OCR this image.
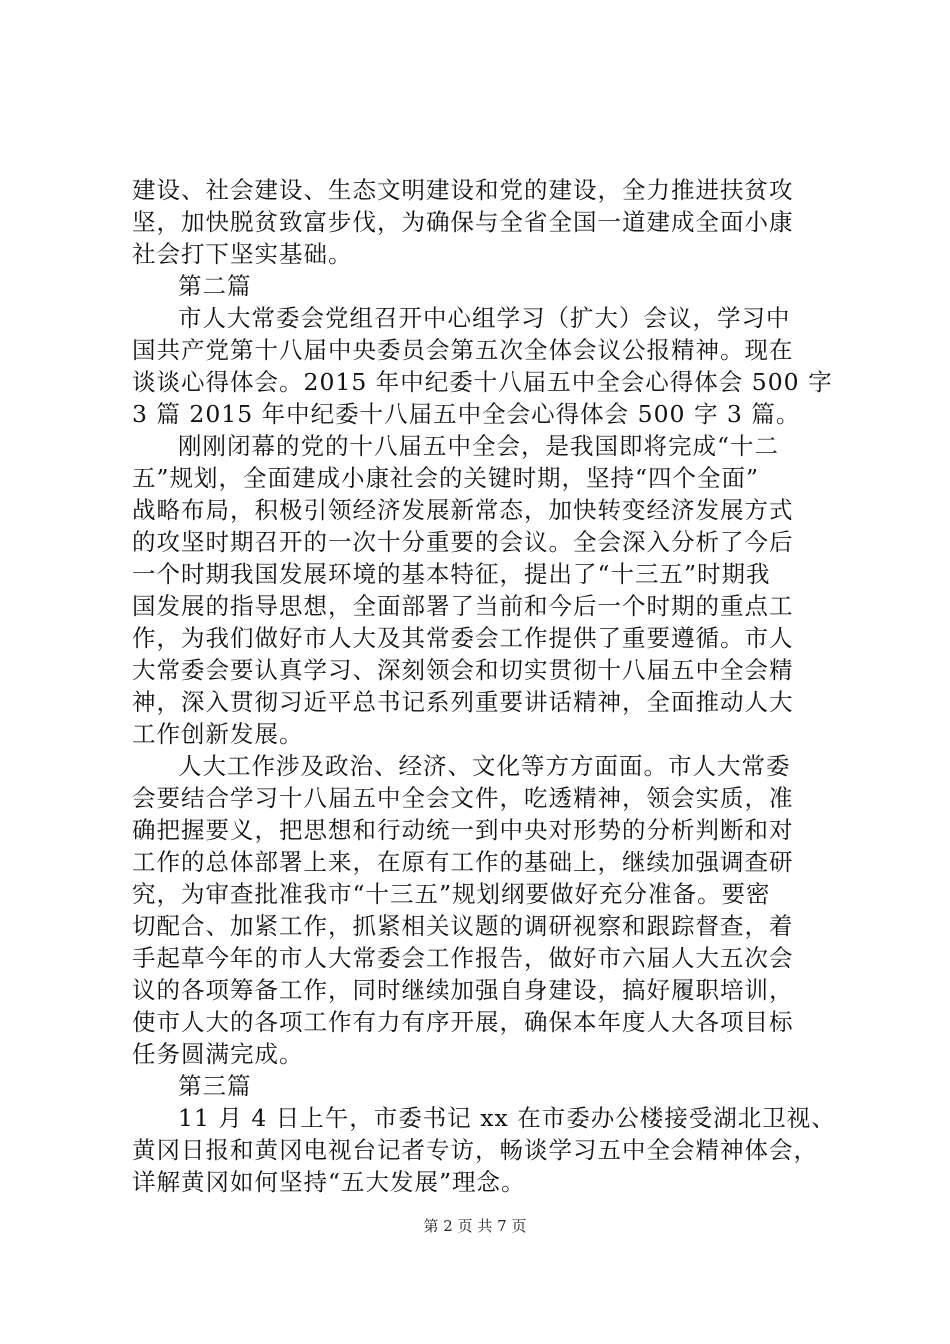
建设、社会建设、生态文明建设和党的建设，全力推进扶贫攻
坚，加快脱贫致富步伐，为确保与全省全国一道建成全面小康
社会打下坚实基础。
第二篇
市人大常委会党组召开中心组学习（扩大）会议，学习中
国共产党第十八届中央委员会第五次全体会议公报精神。现在
谈谈心得体会。2015 年中纪委十八届五中全会心得体会 500 字
3 篇 2015 年中纪委十八届五中全会心得体会 500 字 3 篇。
刚刚闭幕的党的十八届五中全会，是我国即将完成“十二
五”规划，全面建成小康社会的关键时期，坚持“四个全面”
战略布局，积极引领经济发展新常态，加快转变经济发展方式
的攻坚时期召开的一次十分重要的会议。全会深入分析了今后
一个时期我国发展环境的基本特征，提出了“十三五”时期我
国发展的指导思想，全面部署了当前和今后一个时期的重点工
作，为我们做好市人大及其常委会工作提供了重要遵循。市人
大常委会要认真学习、深刻领会和切实贯彻十八届五中全会精
神，深入贯彻习近平总书记系列重要讲话精神，全面推动人大
工作创新发展。
人大工作涉及政治、经济、文化等方方面面。市人大常委
会要结合学习十八届五中全会文件，吃透精神，领会实质，准
确把握要义，把思想和行动统一到中央对形势的分析判断和对
工作的总体部署上来，在原有工作的基础上，继续加强调查研
究，为审查批准我市“十三五”规划纲要做好充分准备。要密
切配合、加紧工作，抓紧相关议题的调研视察和跟踪督查，着
手起草今年的市人大常委会工作报告，做好市六届人大五次会
议的各项筹备工作，同时继续加强自身建设，搞好履职培训，
使市人大的各项工作有力有序开展，确保本年度人大各项目标
任务圆满完成。
第三篇
11 月 4 日上午，市委书记 xx 在市委办公楼接受湖北卫视、
黄冈日报和黄冈电视台记者专访，畅谈学习五中全会精神体会，
详解黄冈如何坚持“五大发展”理念。
第 2 页 共 7 页
